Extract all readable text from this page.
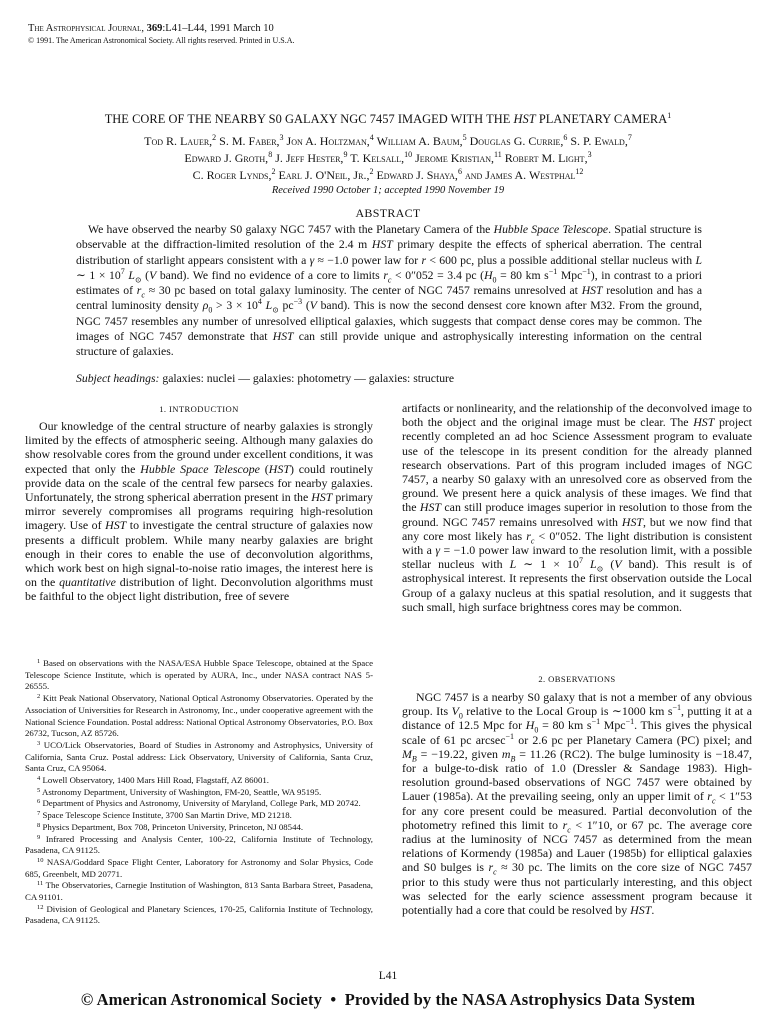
The Astrophysical Journal, 369:L41–L44, 1991 March 10
© 1991. The American Astronomical Society. All rights reserved. Printed in U.S.A.
THE CORE OF THE NEARBY S0 GALAXY NGC 7457 IMAGED WITH THE HST PLANETARY CAMERA$^1$
Tod R. Lauer,$^2$ S. M. Faber,$^3$ Jon A. Holtzman,$^4$ William A. Baum,$^5$ Douglas G. Currie,$^6$ S. P. Ewald,$^7$
Edward J. Groth,$^8$ J. Jeff Hester,$^9$ T. Kelsall,$^{10}$ Jerome Kristian,$^{11}$ Robert M. Light,$^3$
C. Roger Lynds,$^2$ Earl J. O'Neil, Jr.,$^2$ Edward J. Shaya,$^6$ and James A. Westphal$^{12}$
Received 1990 October 1; accepted 1990 November 19
ABSTRACT
We have observed the nearby S0 galaxy NGC 7457 with the Planetary Camera of the Hubble Space Telescope. Spatial structure is observable at the diffraction-limited resolution of the 2.4 m HST primary despite the effects of spherical aberration. The central distribution of starlight appears consistent with a γ ≈ −1.0 power law for r < 600 pc, plus a possible additional stellar nucleus with L ∼ $1 \times 10^7$ $L_⊙$ (V band). We find no evidence of a core to limits $r_c < 0''052 = 3.4$ pc ($H_0 = 80$ km $s^{-1}$ Mpc$^{-1}$), in contrast to a priori estimates of $r_c \approx 30$ pc based on total galaxy luminosity. The center of NGC 7457 remains unresolved at HST resolution and has a central luminosity density $\rho_0 > 3 \times 10^4$ $L_⊙$ $pc^{-3}$ (V band). This is now the second densest core known after M32. From the ground, NGC 7457 resembles any number of unresolved elliptical galaxies, which suggests that compact dense cores may be common. The images of NGC 7457 demonstrate that HST can still provide unique and astrophysically interesting information on the central structure of galaxies.
Subject headings: galaxies: nuclei — galaxies: photometry — galaxies: structure
1. INTRODUCTION

Our knowledge of the central structure of nearby galaxies is strongly limited by the effects of atmospheric seeing. Although many galaxies do show resolvable cores from the ground under excellent conditions, it was expected that only the Hubble Space Telescope (HST) could routinely provide data on the scale of the central few parsecs for nearby galaxies. Unfortunately, the strong spherical aberration present in the HST primary mirror severely compromises all programs requiring high-resolution imagery. Use of HST to investigate the central structure of galaxies now presents a difficult problem. While many nearby galaxies are bright enough in their cores to enable the use of deconvolution algorithms, which work best on high signal-to-noise ratio images, the interest here is on the quantitative distribution of light. Deconvolution algorithms must be faithful to the object light distribution, free of severe

$^1$ Based on observations with the NASA/ESA Hubble Space Telescope, obtained at the Space Telescope Science Institute, which is operated by AURA, Inc., under NASA contract NAS 5-26555.

$^2$ Kitt Peak National Observatory, National Optical Astronomy Observatories. Operated by the Association of Universities for Research in Astronomy, Inc., under cooperative agreement with the National Science Foundation. Postal address: National Optical Astronomy Observatories, P.O. Box 26732, Tucson, AZ 85726.

$^3$ UCO/Lick Observatories, Board of Studies in Astronomy and Astrophysics, University of California, Santa Cruz. Postal address: Lick Observatory, University of California, Santa Cruz, Santa Cruz, CA 95064.

$^4$ Lowell Observatory, 1400 Mars Hill Road, Flagstaff, AZ 86001.

$^5$ Astronomy Department, University of Washington, FM-20, Seattle, WA 95195.

$^6$ Department of Physics and Astronomy, University of Maryland, College Park, MD 20742.

$^7$ Space Telescope Science Institute, 3700 San Martin Drive, MD 21218.

$^8$ Physics Department, Box 708, Princeton University, Princeton, NJ 08544.

$^9$ Infrared Processing and Analysis Center, 100-22, California Institute of Technology, Pasadena, CA 91125.

$^{10}$ NASA/Goddard Space Flight Center, Laboratory for Astronomy and Solar Physics, Code 685, Greenbelt, MD 20771.

$^{11}$ The Observatories, Carnegie Institution of Washington, 813 Santa Barbara Street, Pasadena, CA 91101.

$^{12}$ Division of Geological and Planetary Sciences, 170-25, California Institute of Technology, Pasadena, CA 91125.

artifacts or nonlinearity, and the relationship of the deconvolved image to both the object and the original image must be clear. The HST project recently completed an ad hoc Science Assessment program to evaluate use of the telescope in its present condition for the already planned research observations. Part of this program included images of NGC 7457, a nearby S0 galaxy with an unresolved core as observed from the ground. We present here a quick analysis of these images. We find that the HST can still produce images superior in resolution to those from the ground. NGC 7457 remains unresolved with HST, but we now find that any core most likely has $r_c < 0''052$. The light distribution is consistent with a γ = −1.0 power law inward to the resolution limit, with a possible stellar nucleus with L ∼ $1 \times 10^7$ $L_⊙$ (V band). This result is of astrophysical interest. It represents the first observation outside the Local Group of a galaxy nucleus at this spatial resolution, and it suggests that such small, high surface brightness cores may be common.

2. OBSERVATIONS

NGC 7457 is a nearby S0 galaxy that is not a member of any obvious group. Its $V_0$ relative to the Local Group is ∼1000 km $s^{-1}$, putting it at a distance of 12.5 Mpc for $H_0 = 80$ km $s^{-1}$ Mpc$^{-1}$. This gives the physical scale of 61 pc arcsec$^{-1}$ or 2.6 pc per Planetary Camera (PC) pixel; and $M_B = -19.22$, given $m_B = 11.26$ (RC2). The bulge luminosity is −18.47, for a bulge-to-disk ratio of 1.0 (Dressler & Sandage 1983). High-resolution ground-based observations of NGC 7457 were obtained by Lauer (1985a). At the prevailing seeing, only an upper limit of $r_c < 1''53$ for any core present could be measured. Partial deconvolution of the photometry refined this limit to $r_c < 1''10$, or 67 pc. The average core radius at the luminosity of NCG 7457 as determined from the mean relations of Kormendy (1985a) and Lauer (1985b) for elliptical galaxies and S0 bulges is $r_c \approx 30$ pc. The limits on the core size of NGC 7457 prior to this study were thus not particularly interesting, and this object was selected for the early science assessment program because it potentially had a core that could be resolved by HST.

L41
© American Astronomical Society  •  Provided by the NASA Astrophysics Data System
